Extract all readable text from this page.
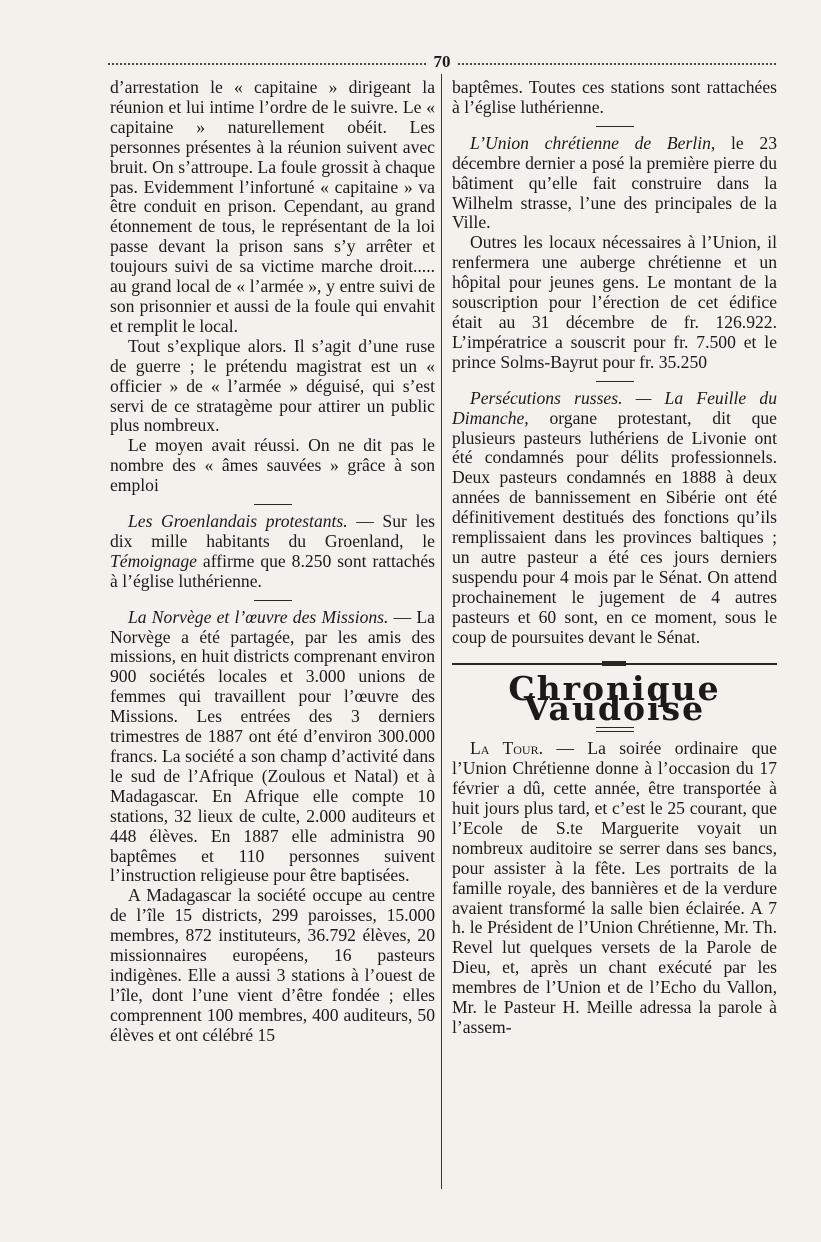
70

d’arrestation le « capitaine » dirigeant la réunion et lui intime l’ordre de le suivre. Le « capitaine » naturellement obéit. Les personnes présentes à la réunion suivent avec bruit. On s’attroupe. La foule grossit à chaque pas. Evidemment l’infortuné « capitaine » va être conduit en prison. Cependant, au grand étonnement de tous, le représentant de la loi passe devant la prison sans s’y arrêter et toujours suivi de sa victime marche droit..... au grand local de « l’armée », y entre suivi de son prisonnier et aussi de la foule qui envahit et remplit le local.

Tout s’explique alors. Il s’agit d’une ruse de guerre ; le prétendu magistrat est un « officier » de « l’armée » déguisé, qui s’est servi de ce stratagème pour attirer un public plus nombreux.

Le moyen avait réussi. On ne dit pas le nombre des « âmes sauvées » grâce à son emploi

Les Groenlandais protestants. — Sur les dix mille habitants du Groenland, le Témoignage affirme que 8.250 sont rattachés à l’église luthérienne.

La Norvège et l’œuvre des Missions. — La Norvège a été partagée, par les amis des missions, en huit districts comprenant environ 900 sociétés locales et 3.000 unions de femmes qui travaillent pour l’œuvre des Missions. Les entrées des 3 derniers trimestres de 1887 ont été d’environ 300.000 francs. La société a son champ d’activité dans le sud de l’Afrique (Zoulous et Natal) et à Madagascar. En Afrique elle compte 10 stations, 32 lieux de culte, 2.000 auditeurs et 448 élèves. En 1887 elle administra 90 baptêmes et 110 personnes suivent l’instruction religieuse pour être baptisées.

A Madagascar la société occupe au centre de l’île 15 districts, 299 paroisses, 15.000 membres, 872 instituteurs, 36.792 élèves, 20 missionnaires européens, 16 pasteurs indigènes. Elle a aussi 3 stations à l’ouest de l’île, dont l’une vient d’être fondée ; elles comprennent 100 membres, 400 auditeurs, 50 élèves et ont célébré 15

baptêmes. Toutes ces stations sont rattachées à l’église luthérienne.

L’Union chrétienne de Berlin, le 23 décembre dernier a posé la première pierre du bâtiment qu’elle fait construire dans la Wilhelm strasse, l’une des principales de la Ville.

Outres les locaux nécessaires à l’Union, il renfermera une auberge chrétienne et un hôpital pour jeunes gens. Le montant de la souscription pour l’érection de cet édifice était au 31 décembre de fr. 126.922. L’impératrice a souscrit pour fr. 7.500 et le prince Solms-Bayrut pour fr. 35.250

Persécutions russes. — La Feuille du Dimanche, organe protestant, dit que plusieurs pasteurs luthériens de Livonie ont été condamnés pour délits professionnels. Deux pasteurs condamnés en 1888 à deux années de bannissement en Sibérie ont été définitivement destitués des fonctions qu’ils remplissaient dans les provinces baltiques ; un autre pasteur a été ces jours derniers suspendu pour 4 mois par le Sénat. On attend prochainement le jugement de 4 autres pasteurs et 60 sont, en ce moment, sous le coup de poursuites devant le Sénat.

Chronique Vaudoise

La Tour. — La soirée ordinaire que l’Union Chrétienne donne à l’occasion du 17 février a dû, cette année, être transportée à huit jours plus tard, et c’est le 25 courant, que l’Ecole de S.te Marguerite voyait un nombreux auditoire se serrer dans ses bancs, pour assister à la fête. Les portraits de la famille royale, des bannières et de la verdure avaient transformé la salle bien éclairée. A 7 h. le Président de l’Union Chrétienne, Mr. Th. Revel lut quelques versets de la Parole de Dieu, et, après un chant exécuté par les membres de l’Union et de l’Echo du Vallon, Mr. le Pasteur H. Meille adressa la parole à l’assem-
